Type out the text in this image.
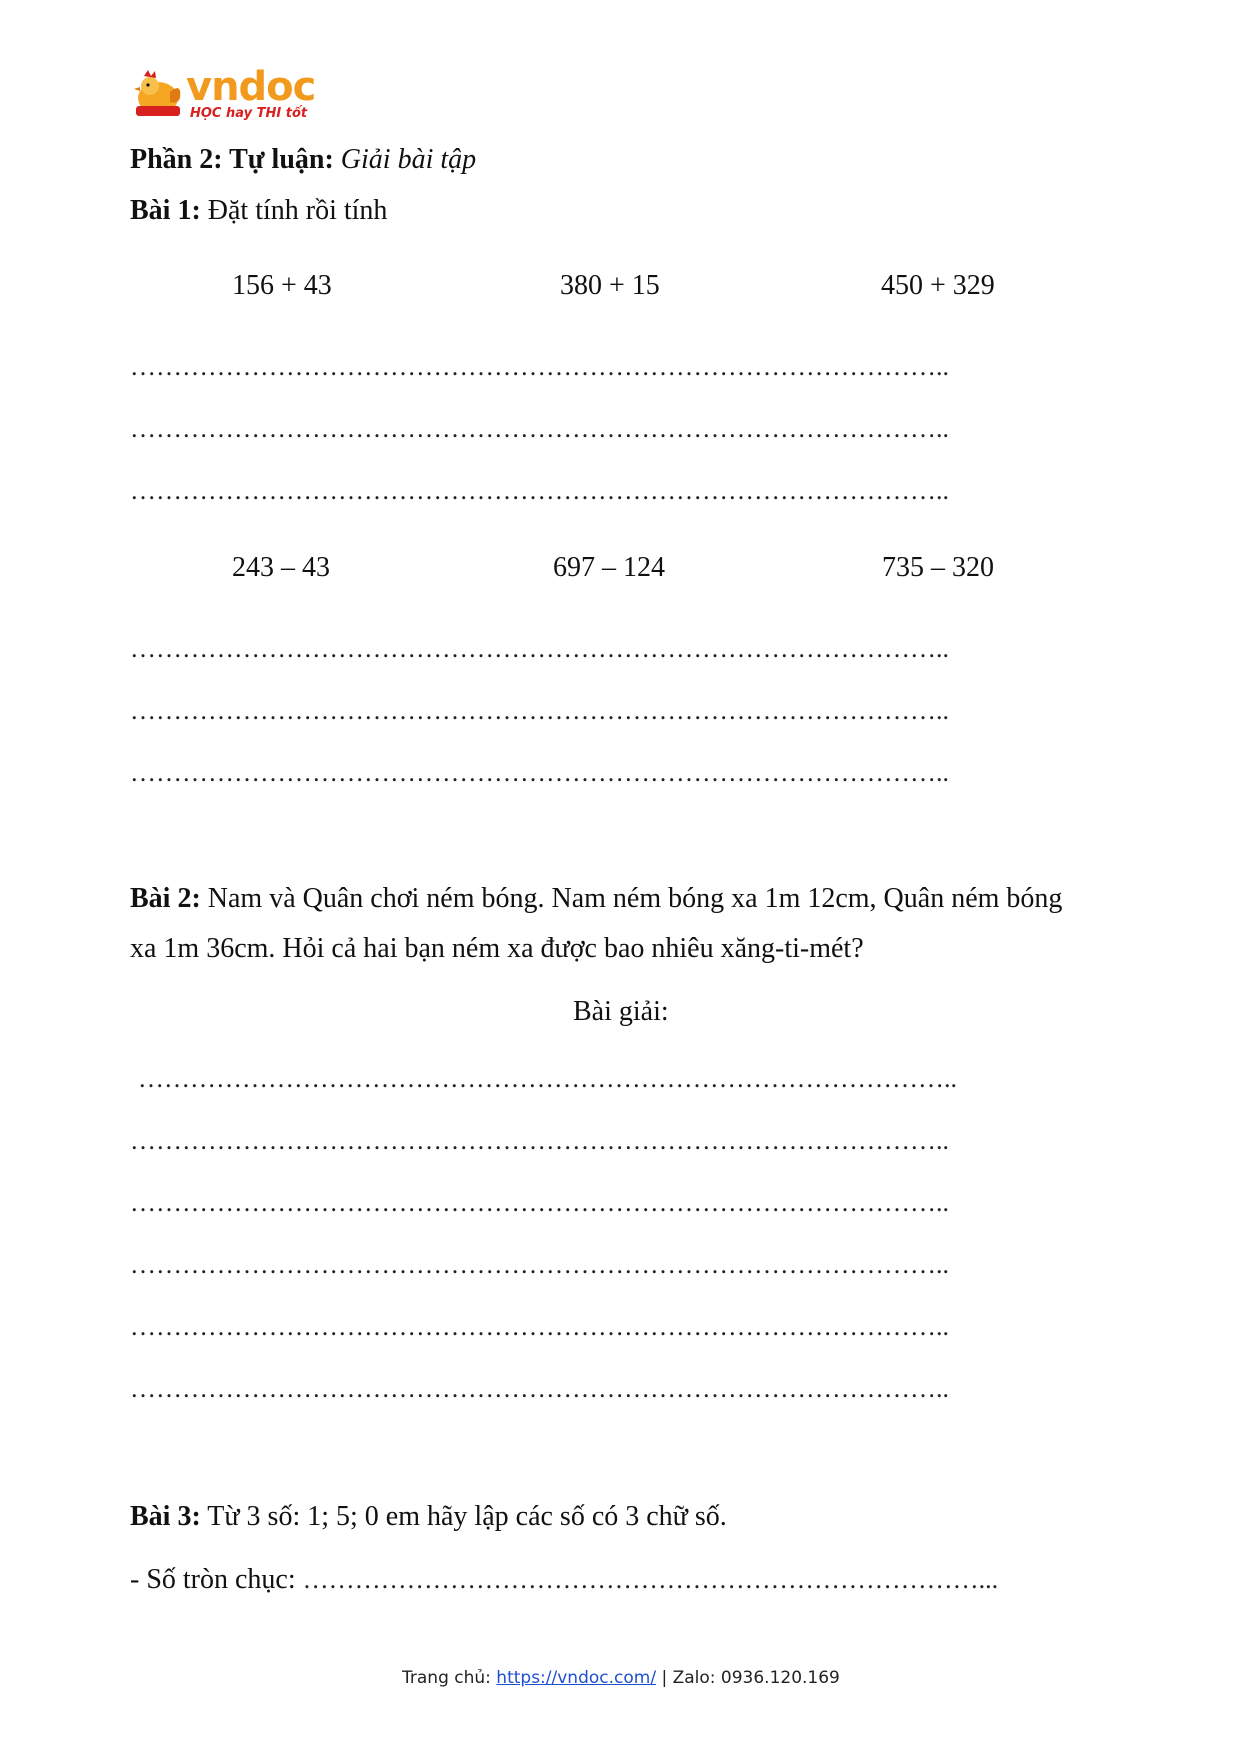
vndoc
HỌC hay THI tốt
Phần 2: Tự luận: Giải bài tập
Bài 1: Đặt tính rồi tính
156 + 43	380 + 15	450 + 329
…………………………………………………………………………………..
…………………………………………………………………………………..
…………………………………………………………………………………..
243 – 43	697 – 124	735 – 320
…………………………………………………………………………………..
…………………………………………………………………………………..
…………………………………………………………………………………..
Bài 2: Nam và Quân chơi ném bóng. Nam ném bóng xa 1m 12cm, Quân ném bóng
xa 1m 36cm. Hỏi cả hai bạn ném xa được bao nhiêu xăng-ti-mét?
Bài giải:
…………………………………………………………………………………..
…………………………………………………………………………………..
…………………………………………………………………………………..
…………………………………………………………………………………..
…………………………………………………………………………………..
…………………………………………………………………………………..
Bài 3: Từ 3 số: 1; 5; 0 em hãy lập các số có 3 chữ số.
- Số tròn chục: ……………………………………………………………………...
Trang chủ: https://vndoc.com/ | Zalo: 0936.120.169
